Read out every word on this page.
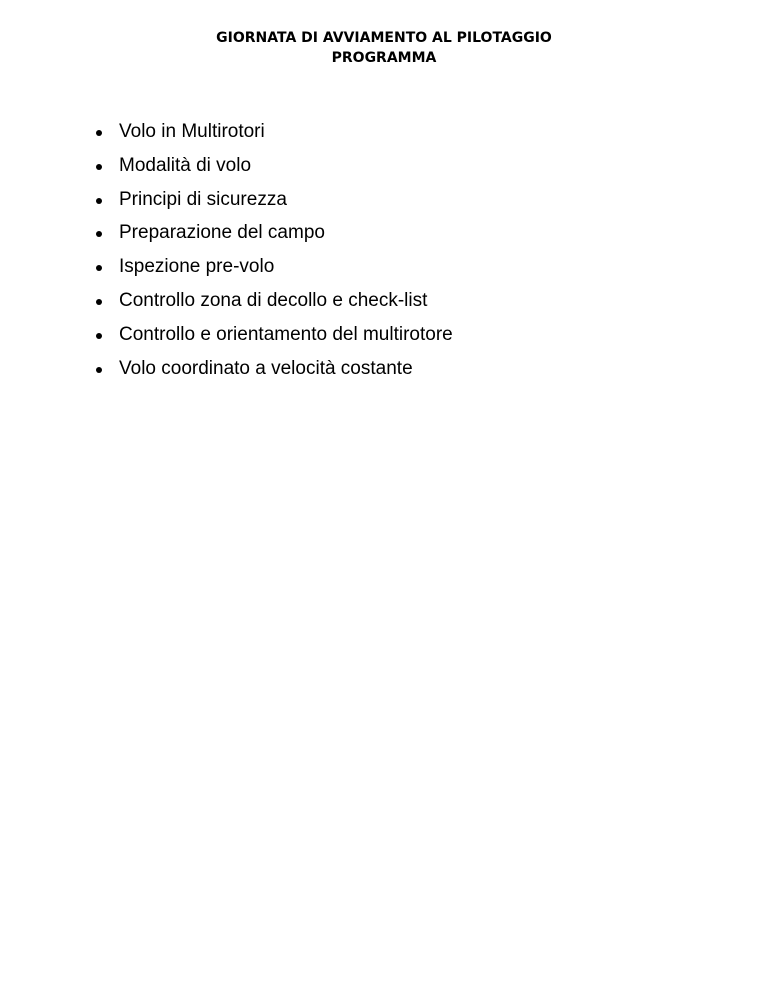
GIORNATA DI AVVIAMENTO AL PILOTAGGIO
PROGRAMMA
Volo in Multirotori
Modalità di volo
Principi di sicurezza
Preparazione del campo
Ispezione pre-volo
Controllo zona di decollo e check-list
Controllo e orientamento del multirotore
Volo coordinato a velocità costante
